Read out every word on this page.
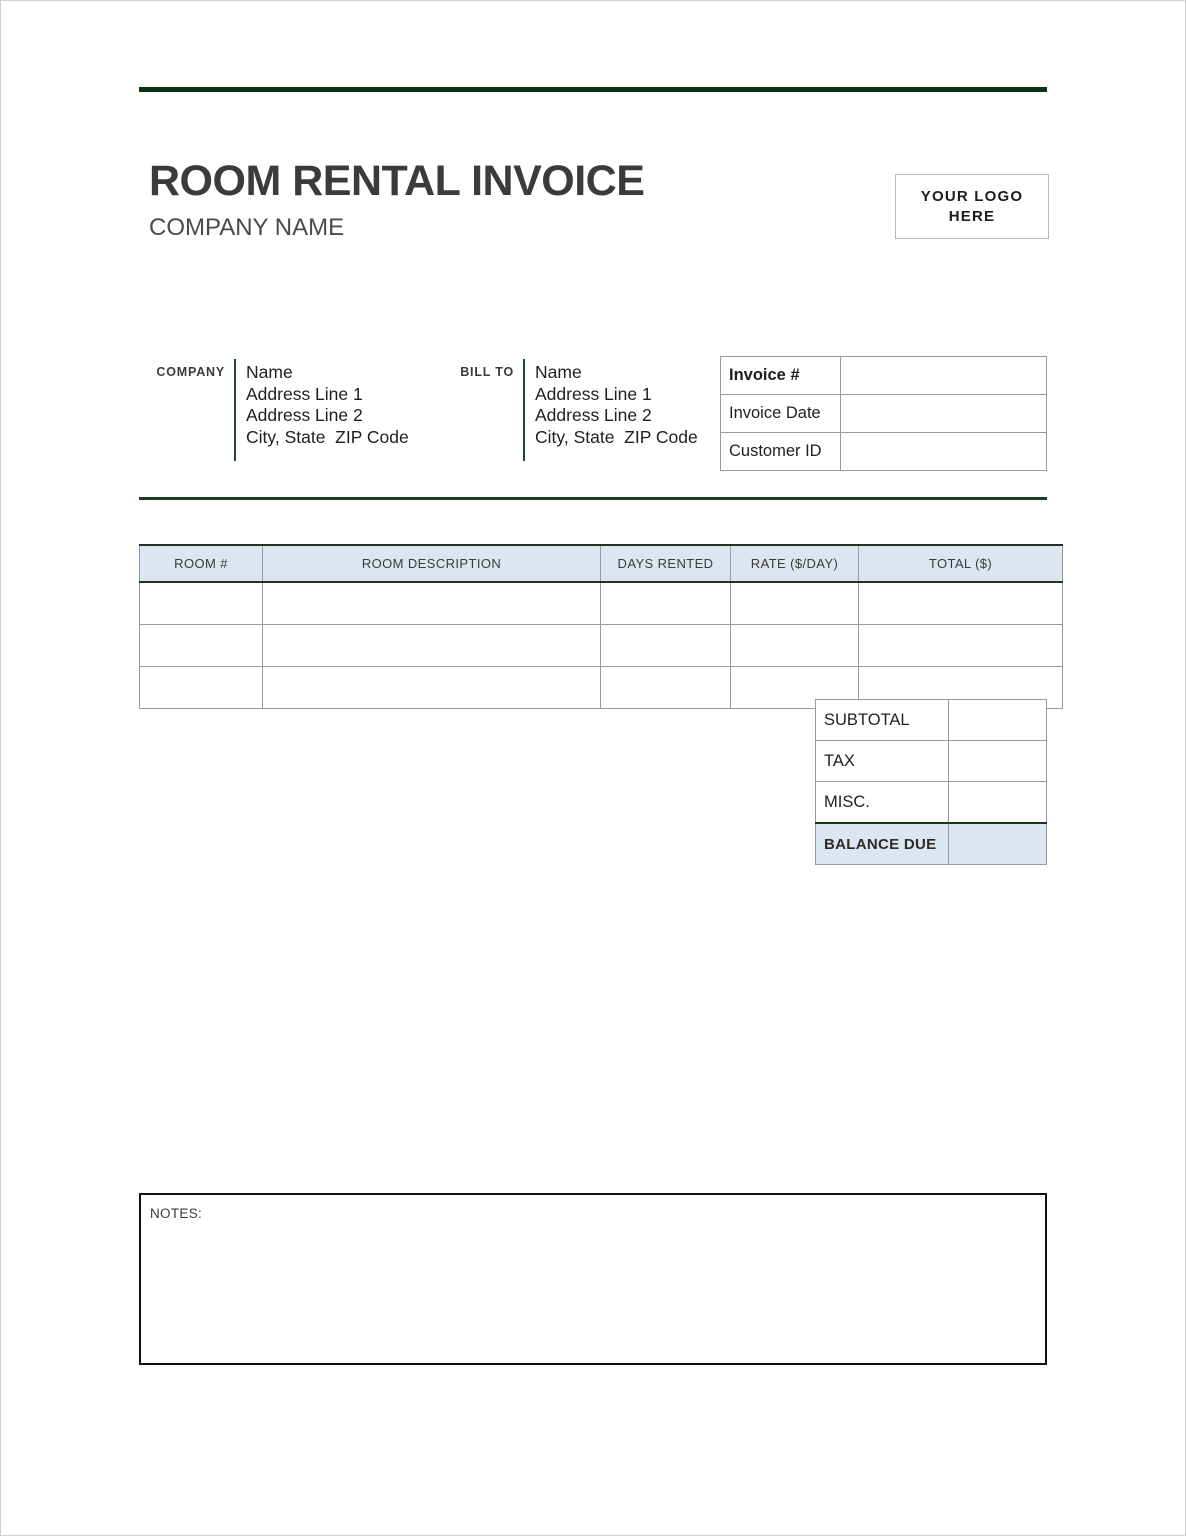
ROOM RENTAL INVOICE

COMPANY NAME

YOUR LOGO
HERE
COMPANY	Name
Address Line 1
Address Line 2
City, State  ZIP Code
BILL TO	Name
Address Line 1
Address Line 2
City, State  ZIP Code
Invoice #	
Invoice Date	
Customer ID	
ROOM #	ROOM DESCRIPTION	DAYS RENTED	RATE ($/DAY)	TOTAL ($)

SUBTOTAL	
TAX	
MISC.	
BALANCE DUE	
NOTES:
